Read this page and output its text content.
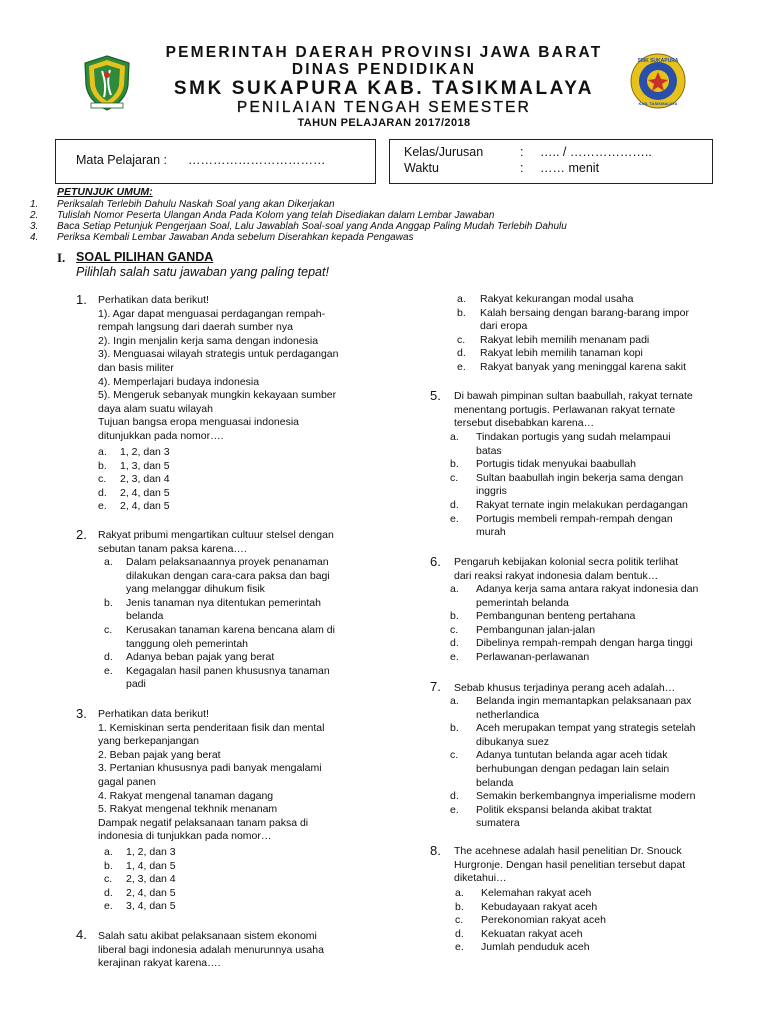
SMK SUKAPURA
KAB. TASIKMALAYA
PEMERINTAH DAERAH PROVINSI JAWA BARAT
DINAS PENDIDIKAN
SMK SUKAPURA KAB. TASIKMALAYA
PENILAIAN TENGAH SEMESTER
TAHUN PELAJARAN 2017/2018
Mata Pelajaran : ……………………………
Kelas/Jurusan	: ….. / ………………..
Waktu	: …… menit
PETUNJUK UMUM:
1. Periksalah Terlebih Dahulu Naskah Soal yang akan Dikerjakan
2. Tulislah Nomor Peserta Ulangan Anda Pada Kolom yang telah Disediakan dalam Lembar Jawaban
3. Baca Setiap Petunjuk Pengerjaan Soal, Lalu Jawablah Soal-soal yang Anda Anggap Paling Mudah Terlebih Dahulu
4. Periksa Kembali Lembar Jawaban Anda sebelum Diserahkan kepada Pengawas
I. SOAL PILIHAN GANDA
Pilihlah salah satu jawaban yang paling tepat!
1. Perhatikan data berikut!
1). Agar dapat menguasai perdagangan rempah-
rempah langsung dari daerah sumber nya
2). Ingin menjalin kerja sama dengan indonesia
3). Menguasai wilayah strategis untuk perdagangan
dan basis militer
4). Memperlajari budaya indonesia
5). Mengeruk sebanyak mungkin kekayaan sumber
daya alam suatu wilayah
Tujuan bangsa eropa menguasai indonesia
ditunjukkan pada nomor….
a. 1, 2, dan 3
b. 1, 3, dan 5
c. 2, 3, dan 4
d. 2, 4, dan 5
e. 2, 4, dan 5
2. Rakyat pribumi mengartikan cultuur stelsel dengan
sebutan tanam paksa karena….
a. Dalam pelaksanaannya proyek penanaman
dilakukan dengan cara-cara paksa dan bagi
yang melanggar dihukum fisik
b. Jenis tanaman nya ditentukan pemerintah
belanda
c. Kerusakan tanaman karena bencana alam di
tanggung oleh pemerintah
d. Adanya beban pajak yang berat
e. Kegagalan hasil panen khususnya tanaman
padi
3. Perhatikan data berikut!
1. Kemiskinan serta penderitaan fisik dan mental
yang berkepanjangan
2. Beban pajak yang berat
3. Pertanian khususnya padi banyak mengalami
gagal panen
4. Rakyat mengenal tanaman dagang
5. Rakyat mengenal tekhnik menanam
Dampak negatif pelaksanaan tanam paksa di
indonesia di tunjukkan pada nomor…
a. 1, 2, dan 3
b. 1, 4, dan 5
c. 2, 3, dan 4
d. 2, 4, dan 5
e. 3, 4, dan 5
4. Salah satu akibat pelaksanaan sistem ekonomi
liberal bagi indonesia adalah menurunnya usaha
kerajinan rakyat karena….
a. Rakyat kekurangan modal usaha
b. Kalah bersaing dengan barang-barang impor
dari eropa
c. Rakyat lebih memilih menanam padi
d. Rakyat lebih memilih tanaman kopi
e. Rakyat banyak yang meninggal karena sakit
5. Di bawah pimpinan sultan baabullah, rakyat ternate
menentang portugis. Perlawanan rakyat ternate
tersebut disebabkan karena…
a. Tindakan portugis yang sudah melampaui
batas
b. Portugis tidak menyukai baabullah
c. Sultan baabullah ingin bekerja sama dengan
inggris
d. Rakyat ternate ingin melakukan perdagangan
e. Portugis membeli rempah-rempah dengan
murah
6. Pengaruh kebijakan kolonial secra politik terlihat
dari reaksi rakyat indonesia dalam bentuk…
a. Adanya kerja sama antara rakyat indonesia dan
pemerintah belanda
b. Pembangunan benteng pertahana
c. Pembangunan jalan-jalan
d. Dibelinya rempah-rempah dengan harga tinggi
e. Perlawanan-perlawanan
7. Sebab khusus terjadinya perang aceh adalah…
a. Belanda ingin memantapkan pelaksanaan pax
netherlandica
b. Aceh merupakan tempat yang strategis setelah
dibukanya suez
c. Adanya tuntutan belanda agar aceh tidak
berhubungan dengan pedagan lain selain
belanda
d. Semakin berkembangnya imperialisme modern
e. Politik ekspansi belanda akibat traktat
sumatera
8. The acehnese adalah hasil penelitian Dr. Snouck
Hurgronje. Dengan hasil penelitian tersebut dapat
diketahui…
a. Kelemahan rakyat aceh
b. Kebudayaan rakyat aceh
c. Perekonomian rakyat aceh
d. Kekuatan rakyat aceh
e. Jumlah penduduk aceh
